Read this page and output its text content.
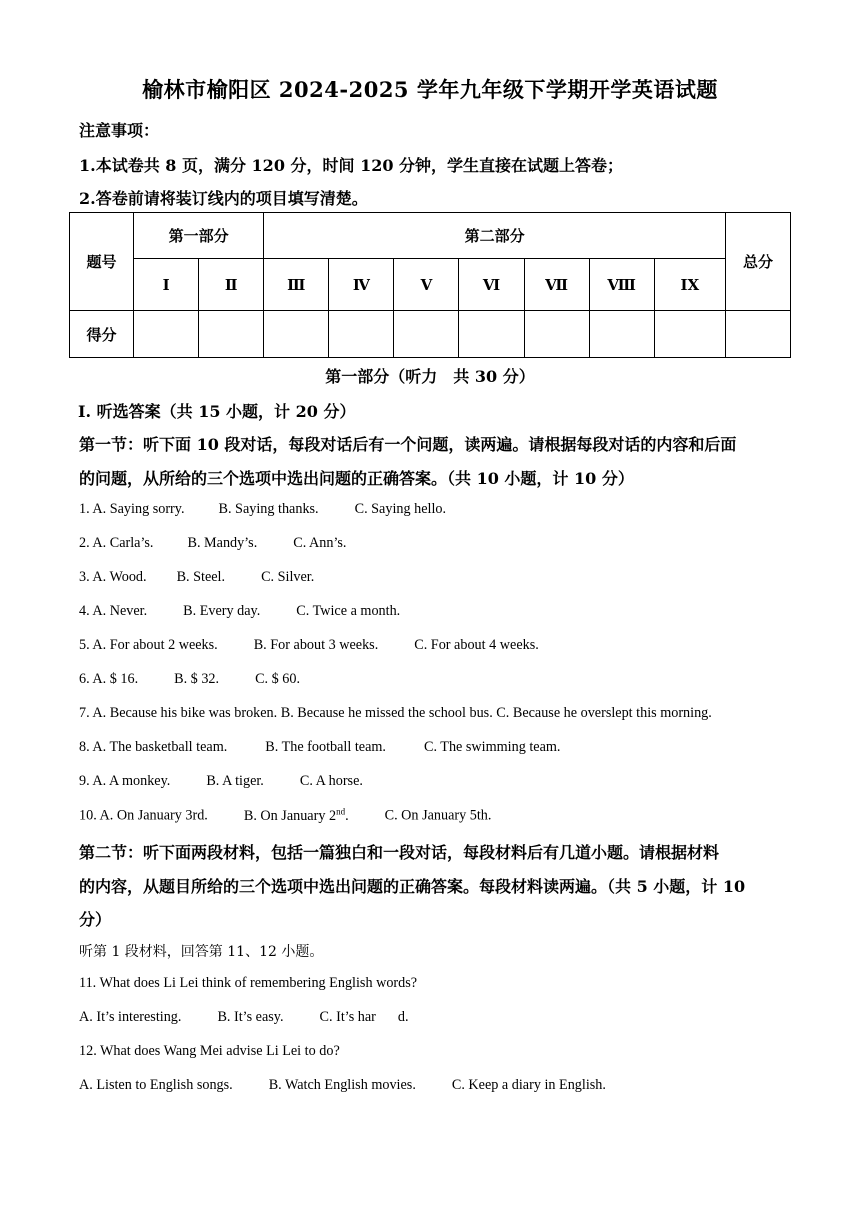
榆林市榆阳区 2024-2025 学年九年级下学期开学英语试题
注意事项：
1.本试卷共 8 页，满分 120 分，时间 120 分钟，学生直接在试题上答卷；
2.答卷前请将装订线内的项目填写清楚。
题号	第一部分		第二部分							总分
	I	Ⅱ	Ⅲ	Ⅳ	V	Ⅵ	Ⅶ	Ⅷ	IX	
得分										
第一部分（听力　共 30 分）
Ⅰ. 听选答案（共 15 小题，计 20 分）
第一节：听下面 10 段对话，每段对话后有一个问题，读两遍。请根据每段对话的内容和后面
的问题，从所给的三个选项中选出问题的正确答案。（共 10 小题，计 10 分）
1. A. Saying sorry. B. Saying thanks.	C. Saying hello.
2. A. Carla’s. B. Mandy’s.	C. Ann’s.
3. A. Wood. B. Steel.	C. Silver.
4. A. Never.	B. Every day.	C. Twice a month.
5. A. For about 2 weeks.	B. For about 3 weeks.	C. For about 4 weeks.
6. A. $ 16.	B. $ 32.	C. $ 60.
7. A. Because his bike was broken. B. Because he missed the school bus. C. Because he overslept this morning.
8. A. The basketball team.	B. The football team.	C. The swimming team.
9. A. A monkey.	B. A tiger.	C. A horse.
10. A. On January 3rd.	B. On January 2nd.	C. On January 5th.
第二节：听下面两段材料，包括一篇独白和一段对话，每段材料后有几道小题。请根据材料
的内容，从题目所给的三个选项中选出问题的正确答案。每段材料读两遍。（共 5 小题，计 10
分）
听第 1 段材料，回答第 11、12 小题。
11. What does Li Lei think of remembering English words?
A. It’s interesting.	B. It’s easy.	C. It’s har d.
12. What does Wang Mei advise Li Lei to do?
A. Listen to English songs.	B. Watch English movies.	C. Keep a diary in English.
